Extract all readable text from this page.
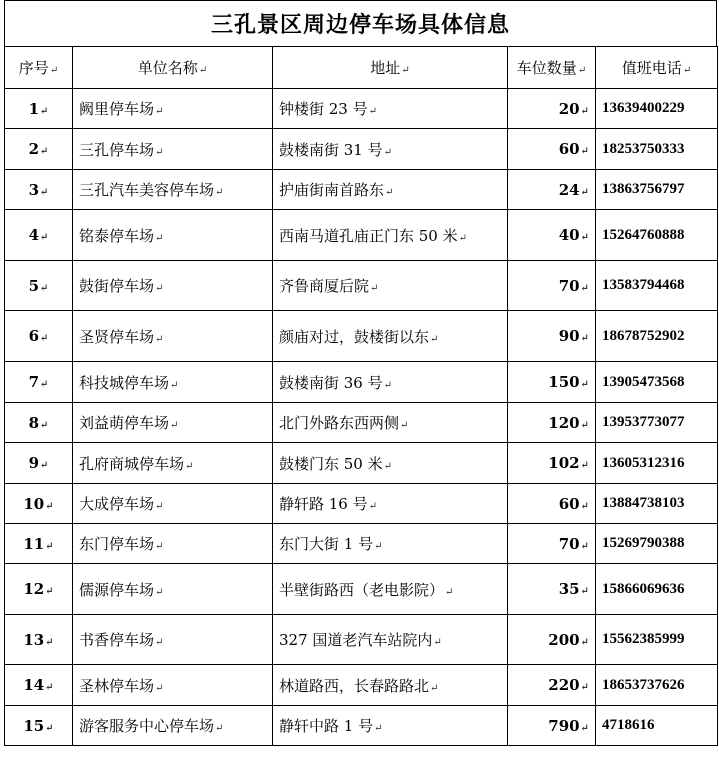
三孔景区周边停车场具体信息
序号↵	单位名称↵	地址↵	车位数量↵	值班电话↵
1↵	阙里停车场↵	钟楼街 23 号↵	20↵	13639400229
2↵	三孔停车场↵	鼓楼南街 31 号↵	60↵	18253750333
3↵	三孔汽车美容停车场↵	护庙街南首路东↵	24↵	13863756797
4↵	铭泰停车场↵	西南马道孔庙正门东 50 米↵	40↵	15264760888
5↵	鼓街停车场↵	齐鲁商厦后院↵	70↵	13583794468
6↵	圣贤停车场↵	颜庙对过，鼓楼街以东↵	90↵	18678752902
7↵	科技城停车场↵	鼓楼南街 36 号↵	150↵	13905473568
8↵	刘益萌停车场↵	北门外路东西两侧↵	120↵	13953773077
9↵	孔府商城停车场↵	鼓楼门东 50 米↵	102↵	13605312316
10↵	大成停车场↵	静轩路 16 号↵	60↵	13884738103
11↵	东门停车场↵	东门大街 1 号↵	70↵	15269790388
12↵	儒源停车场↵	半壁街路西（老电影院）↵	35↵	15866069636
13↵	书香停车场↵	327 国道老汽车站院内↵	200↵	15562385999
14↵	圣林停车场↵	林道路西，长春路路北↵	220↵	18653737626
15↵	游客服务中心停车场↵	静轩中路 1 号↵	790↵	4718616
